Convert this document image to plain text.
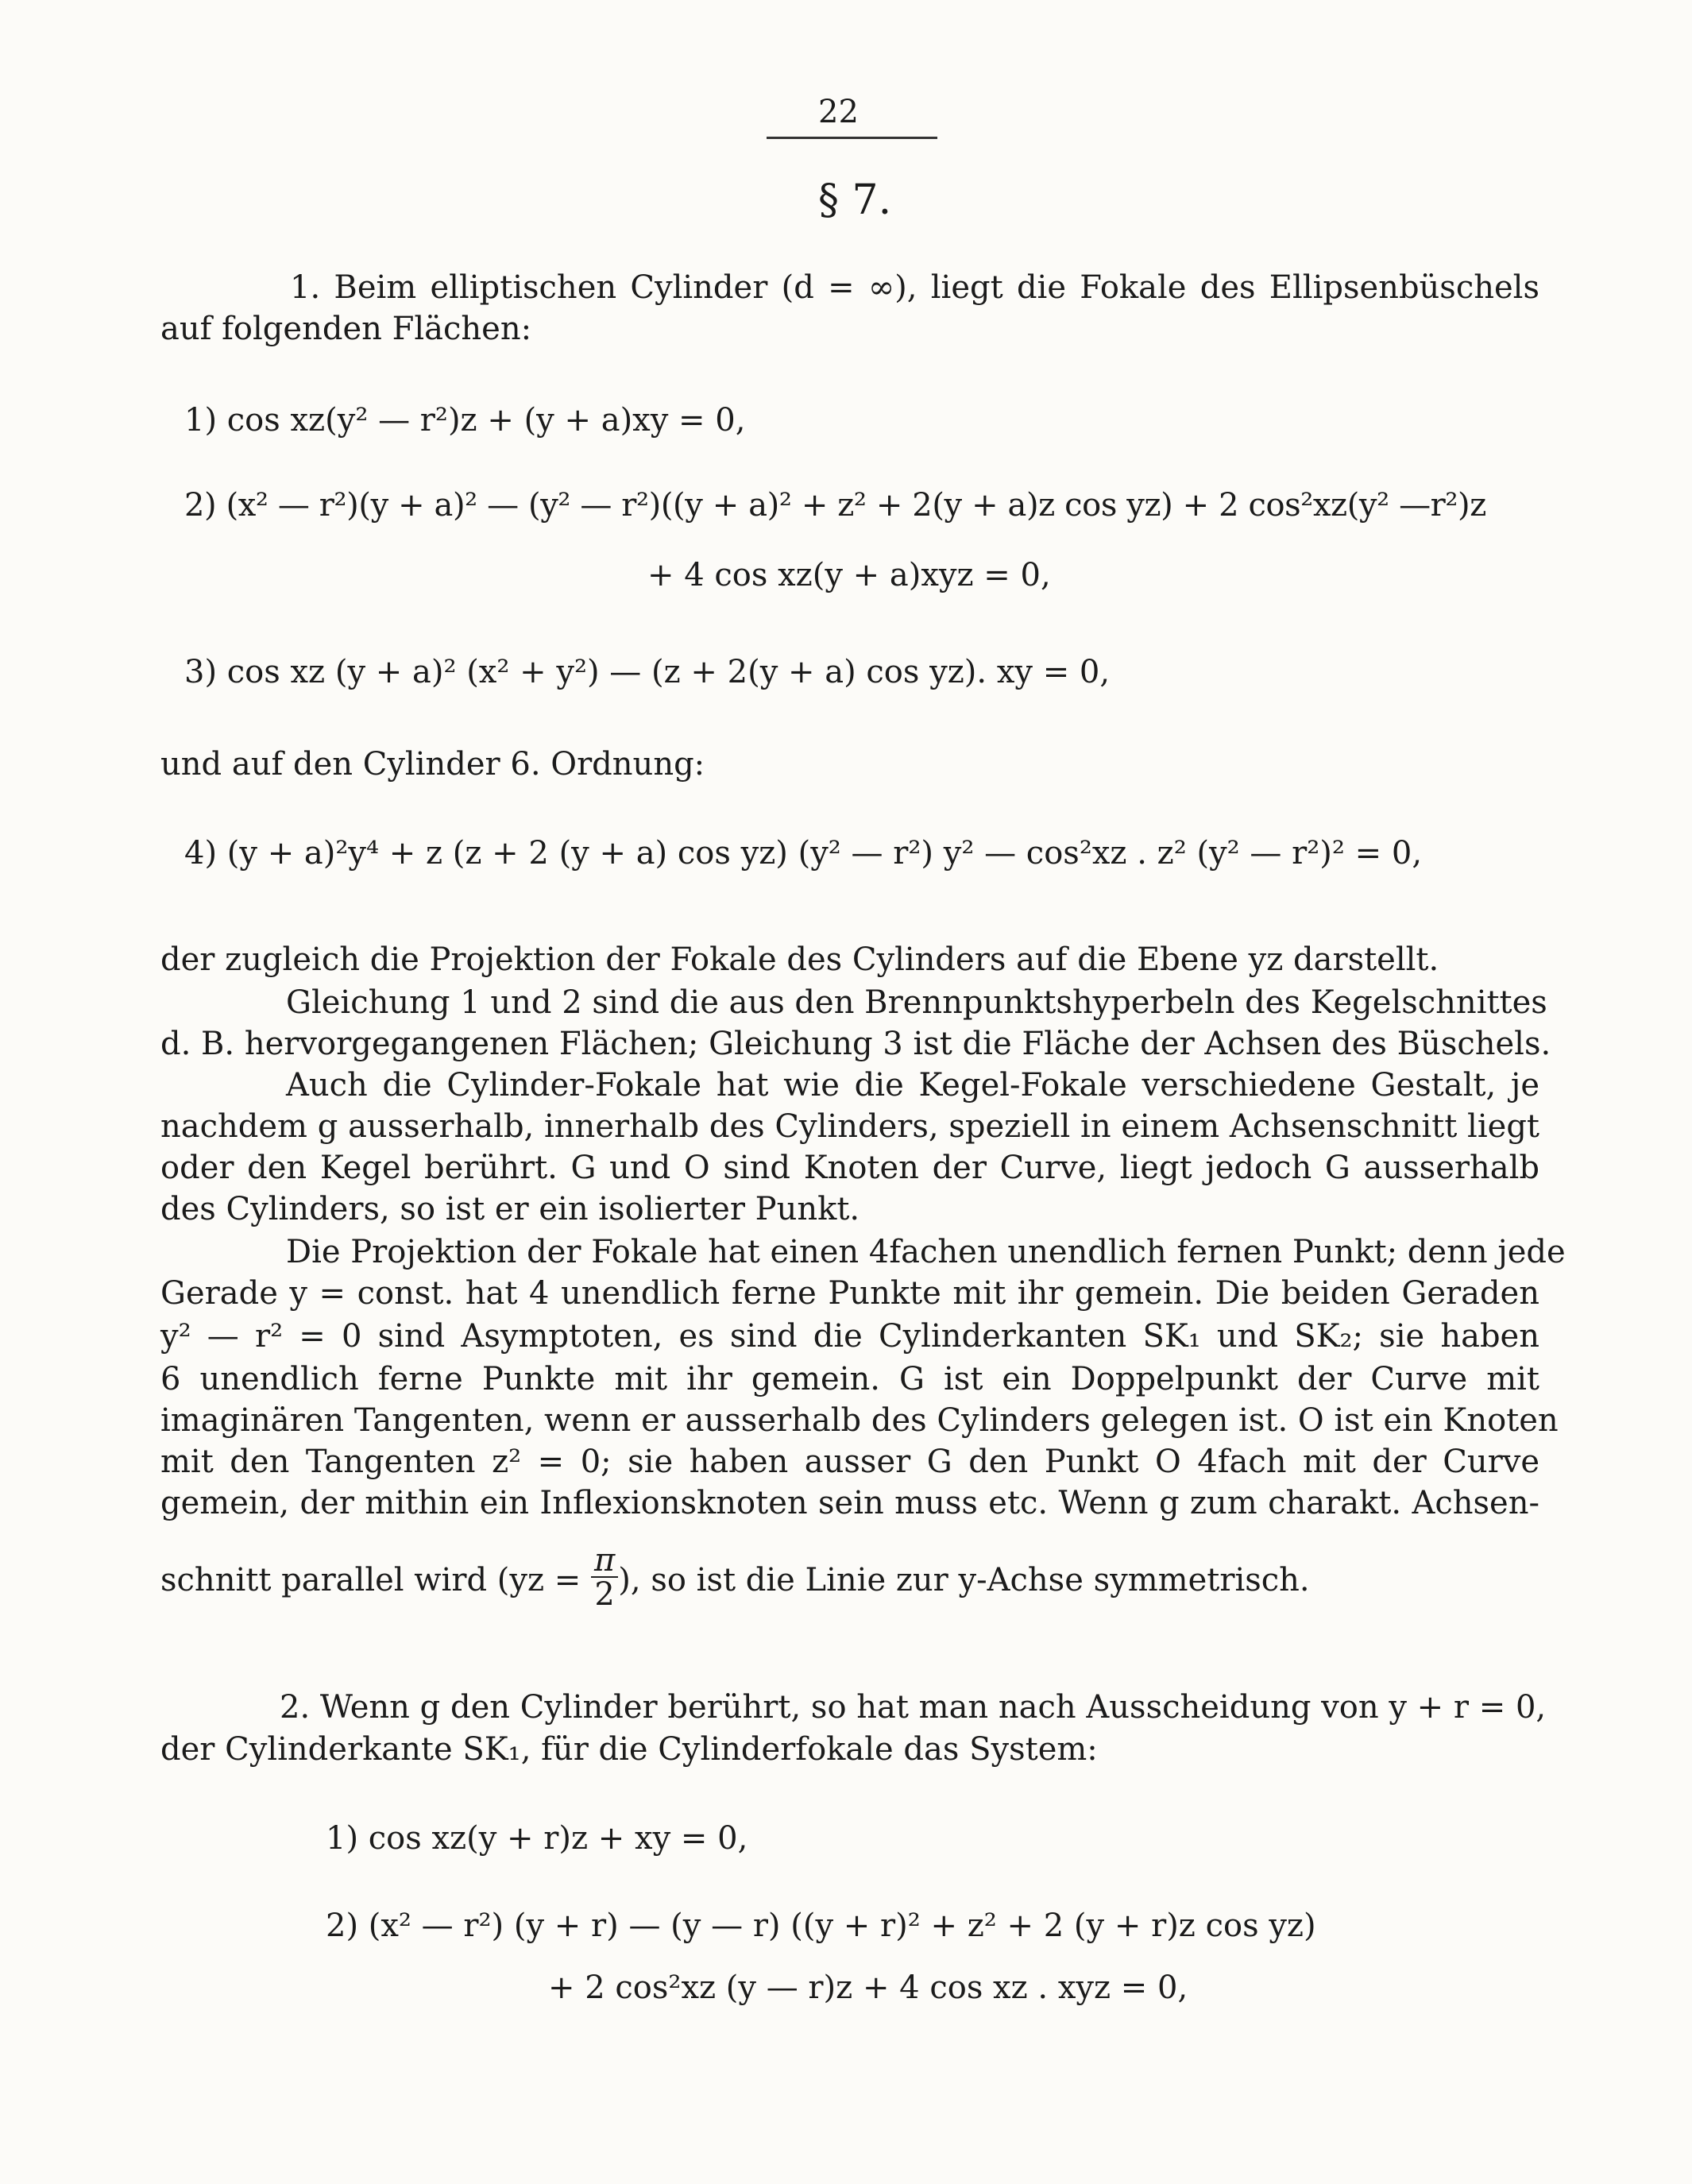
22
§ 7.
1. Beim elliptischen Cylinder (d = ∞), liegt die Fokale des Ellipsenbüschels
auf folgenden Flächen:
1) cos xz(y² — r²)z + (y + a)xy = 0,
2) (x² — r²)(y + a)² — (y² — r²)((y + a)² + z² + 2(y + a)z cos yz) + 2 cos²xz(y² —r²)z
+ 4 cos xz(y + a)xyz = 0,
3) cos xz (y + a)² (x² + y²) — (z + 2(y + a) cos yz). xy = 0,
und auf den Cylinder 6. Ordnung:
4) (y + a)²y⁴ + z (z + 2 (y + a) cos yz) (y² — r²) y² — cos²xz . z² (y² — r²)² = 0,
der zugleich die Projektion der Fokale des Cylinders auf die Ebene yz darstellt.
Gleichung 1 und 2 sind die aus den Brennpunktshyperbeln des Kegelschnittes
d. B. hervorgegangenen Flächen; Gleichung 3 ist die Fläche der Achsen des Büschels.
Auch die Cylinder-Fokale hat wie die Kegel-Fokale verschiedene Gestalt, je
nachdem g ausserhalb, innerhalb des Cylinders, speziell in einem Achsenschnitt liegt
oder den Kegel berührt. G und O sind Knoten der Curve, liegt jedoch G ausserhalb
des Cylinders, so ist er ein isolierter Punkt.
Die Projektion der Fokale hat einen 4fachen unendlich fernen Punkt; denn jede
Gerade y = const. hat 4 unendlich ferne Punkte mit ihr gemein. Die beiden Geraden
y² — r² = 0 sind Asymptoten, es sind die Cylinderkanten SK₁ und SK₂; sie haben
6 unendlich ferne Punkte mit ihr gemein. G ist ein Doppelpunkt der Curve mit
imaginären Tangenten, wenn er ausserhalb des Cylinders gelegen ist. O ist ein Knoten
mit den Tangenten z² = 0; sie haben ausser G den Punkt O 4fach mit der Curve
gemein, der mithin ein Inflexionsknoten sein muss etc. Wenn g zum charakt. Achsen-
schnitt parallel wird ($yz = \frac{\pi}{2}$ ), so ist die Linie zur y-Achse symmetrisch.
2. Wenn g den Cylinder berührt, so hat man nach Ausscheidung von y + r = 0,
der Cylinderkante SK₁, für die Cylinderfokale das System:
1) cos xz(y + r)z + xy = 0,
2) (x² — r²) (y + r) — (y — r) ((y + r)² + z² + 2 (y + r)z cos yz)
+ 2 cos²xz (y — r)z + 4 cos xz . xyz = 0,
